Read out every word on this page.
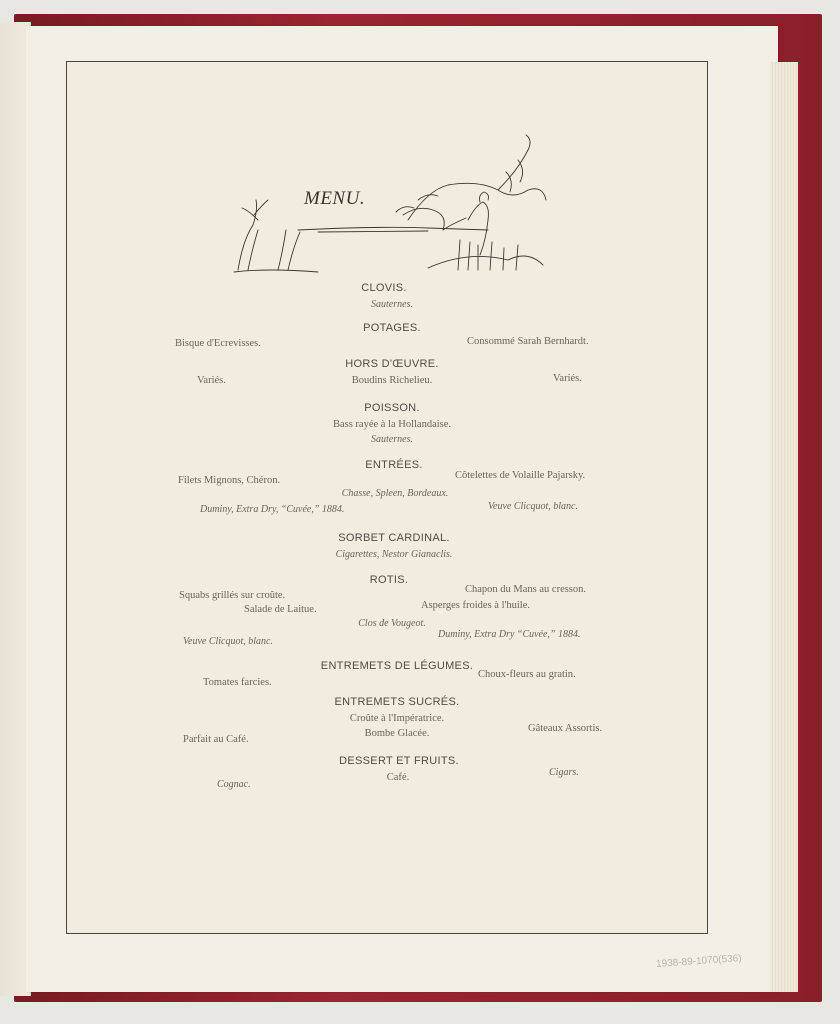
MENU.
CLOVIS.
Sauternes.
POTAGES.
Bisque d'Ecrevisses.	Consommé Sarah Bernhardt.
HORS D'ŒUVRE.
Variés.	Boudins Richelieu.	Variés.
POISSON.
Bass rayée à la Hollandaise.
Sauternes.
ENTRÉES.
Filets Mignons, Chéron.	Côtelettes de Volaille Pajarsky.
Chasse, Spleen, Bordeaux.
Duminy, Extra Dry, “Cuvée,” 1884.	Veuve Clicquot, blanc.
SORBET CARDINAL.
Cigarettes, Nestor Gianaclis.
ROTIS.
Squabs grillés sur croûte.
Chapon du Mans au cresson.
Salade de Laitue.	Asperges froides à l'huile.
Clos de Vougeot.
Veuve Clicquot, blanc.
Duminy, Extra Dry “Cuvée,” 1884.
ENTREMETS DE LÉGUMES.
Tomates farcies.
Choux-fleurs au gratin.
ENTREMETS SUCRÉS.
Croûte à l'Impératrice.
Bombe Glacée.
Parfait au Café.
Gâteaux Assortis.
DESSERT ET FRUITS.
Café.
Cognac.
Cigars.
1938-89-1070(536)
